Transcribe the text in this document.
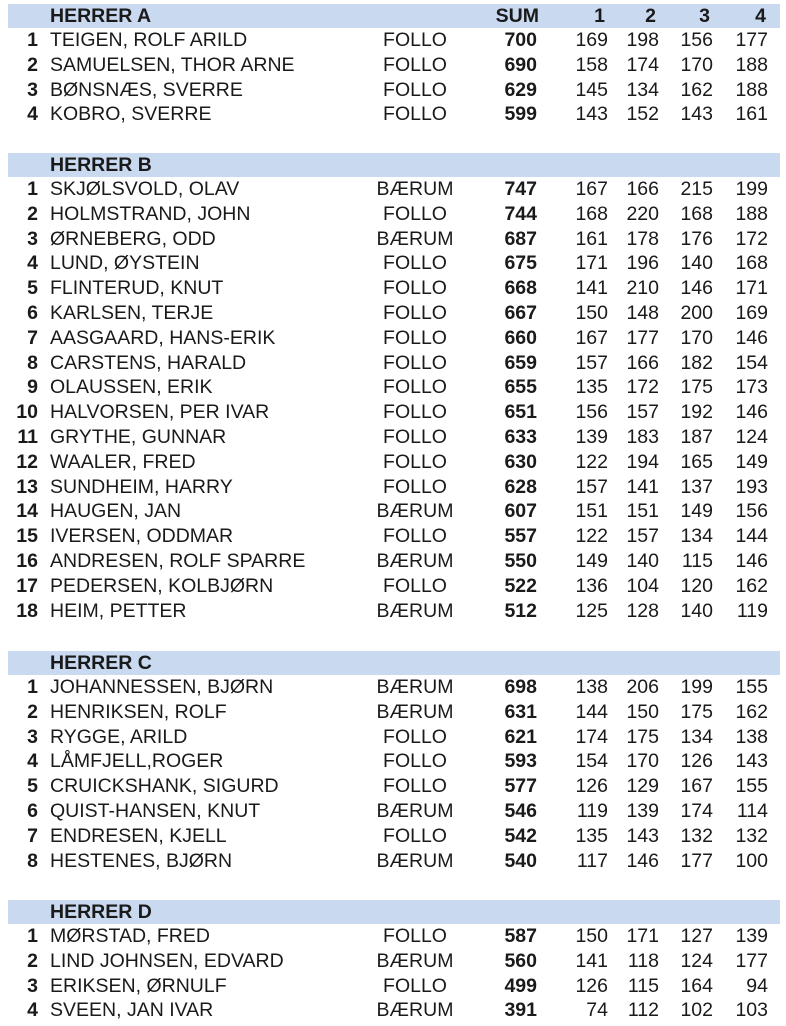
HERRER A	SUM	1 2 3 4
1 TEIGEN, ROLF ARILD	FOLLO	700 169 198 156 177
2 SAMUELSEN, THOR ARNE	FOLLO	690 158 174 170 188
3 BØNSNÆS, SVERRE	FOLLO	629 145 134 162 188
4 KOBRO, SVERRE	FOLLO	599 143 152 143 161
HERRER B
1 SKJØLSVOLD, OLAV	BÆRUM	747 167 166 215 199
2 HOLMSTRAND, JOHN	FOLLO	744 168 220 168 188
3 ØRNEBERG, ODD	BÆRUM	687 161 178 176 172
4 LUND, ØYSTEIN	FOLLO	675 171 196 140 168
5 FLINTERUD, KNUT	FOLLO	668 141 210 146 171
6 KARLSEN, TERJE	FOLLO	667 150 148 200 169
7 AASGAARD, HANS-ERIK	FOLLO	660 167 177 170 146
8 CARSTENS, HARALD	FOLLO	659 157 166 182 154
9 OLAUSSEN, ERIK	FOLLO	655 135 172 175 173
10 HALVORSEN, PER IVAR	FOLLO	651 156 157 192 146
11 GRYTHE, GUNNAR	FOLLO	633 139 183 187 124
12 WAALER, FRED	FOLLO	630 122 194 165 149
13 SUNDHEIM, HARRY	FOLLO	628 157 141 137 193
14 HAUGEN, JAN	BÆRUM	607 151 151 149 156
15 IVERSEN, ODDMAR	FOLLO	557 122 157 134 144
16 ANDRESEN, ROLF SPARRE	BÆRUM	550 149 140 115 146
17 PEDERSEN, KOLBJØRN	FOLLO	522 136 104 120 162
18 HEIM, PETTER	BÆRUM	512 125 128 140 119
HERRER C
1 JOHANNESSEN, BJØRN	BÆRUM	698 138 206 199 155
2 HENRIKSEN, ROLF	BÆRUM	631 144 150 175 162
3 RYGGE, ARILD	FOLLO	621 174 175 134 138
4 LÅMFJELL,ROGER	FOLLO	593 154 170 126 143
5 CRUICKSHANK, SIGURD	FOLLO	577 126 129 167 155
6 QUIST-HANSEN, KNUT	BÆRUM	546 119 139 174 114
7 ENDRESEN, KJELL	FOLLO	542 135 143 132 132
8 HESTENES, BJØRN	BÆRUM	540 117 146 177 100
HERRER D
1 MØRSTAD, FRED	FOLLO	587 150 171 127 139
2 LIND JOHNSEN, EDVARD	BÆRUM	560 141 118 124 177
3 ERIKSEN, ØRNULF	FOLLO	499 126 115 164 94
4 SVEEN, JAN IVAR	BÆRUM	391	74 112 102 103
